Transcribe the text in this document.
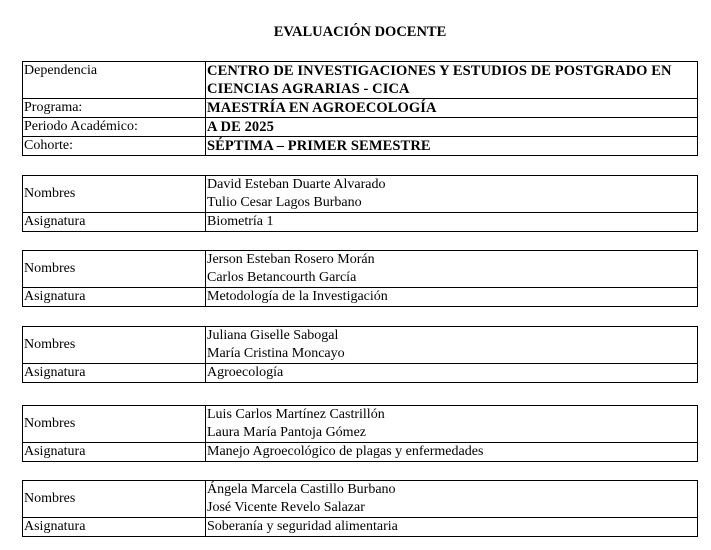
EVALUACIÓN DOCENTE
Dependencia	CENTRO DE INVESTIGACIONES Y ESTUDIOS DE POSTGRADO EN CIENCIAS AGRARIAS - CICA
Programa:	MAESTRÍA EN AGROECOLOGÍA
Periodo Académico:	A DE 2025
Cohorte:	SÉPTIMA – PRIMER SEMESTRE
Nombres	David Esteban Duarte Alvarado
Tulio Cesar Lagos Burbano

Asignatura	Biometría 1
Nombres	Jerson Esteban Rosero Morán
Carlos Betancourth García

Asignatura	Metodología de la Investigación
Nombres	Juliana Giselle Sabogal
María Cristina Moncayo

Asignatura	Agroecología
Nombres	Luis Carlos Martínez Castrillón
Laura María Pantoja Gómez

Asignatura	Manejo Agroecológico de plagas y enfermedades
Nombres	Ángela Marcela Castillo Burbano
José Vicente Revelo Salazar

Asignatura	Soberanía y seguridad alimentaria
